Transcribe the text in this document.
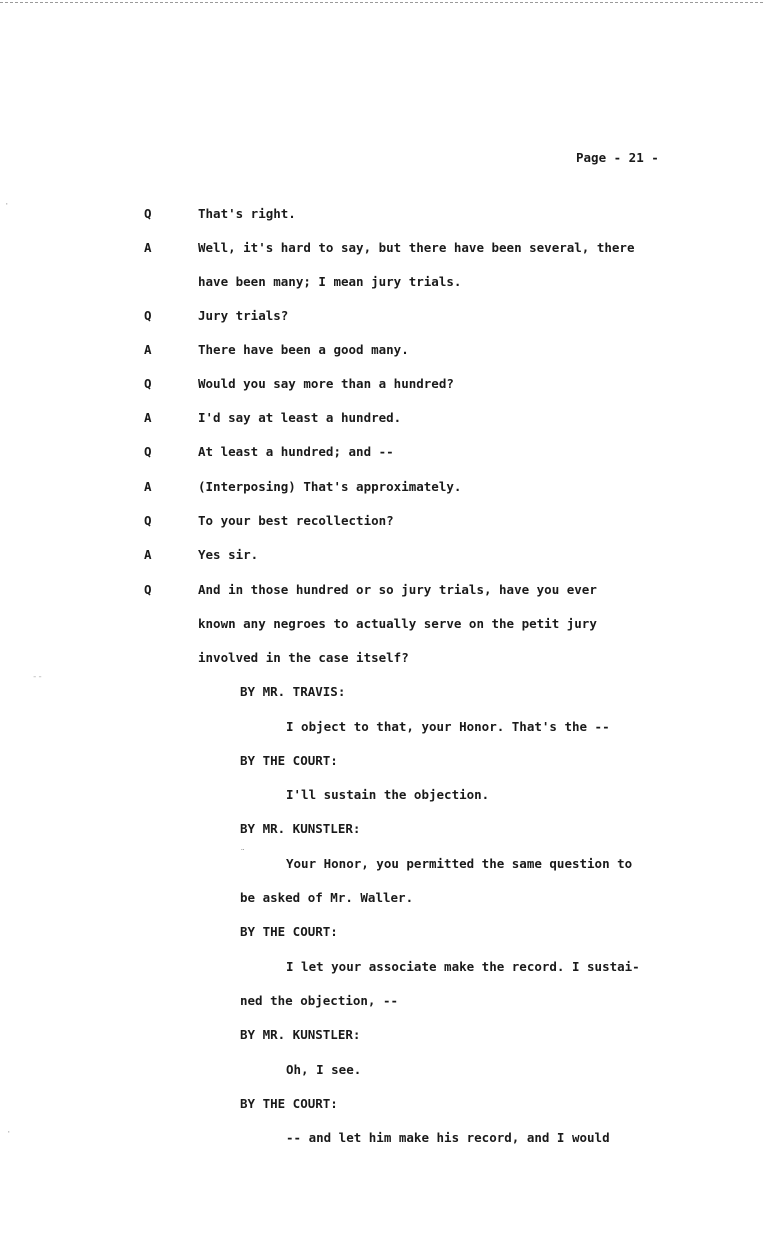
Page - 21 -
Q	That's right.
A	Well, it's hard to say, but there have been several, there
have been many; I mean jury trials.
Q	Jury trials?
A	There have been a good many.
Q	Would you say more than a hundred?
A	I'd say at least a hundred.
Q	At least a hundred; and --
A	(Interposing) That's approximately.
Q	To your best recollection?
A	Yes sir.
Q	And in those hundred or so jury trials, have you ever
known any negroes to actually serve on the petit jury
involved in the case itself?
BY MR. TRAVIS:
I object to that, your Honor. That's the --
BY THE COURT:
I'll sustain the objection.
BY MR. KUNSTLER:
Your Honor, you permitted the same question to
be asked of Mr. Waller.
BY THE COURT:
I let your associate make the record. I sustai-
ned the objection, --
BY MR. KUNSTLER:
Oh, I see.
BY THE COURT:
-- and let him make his record, and I would
¨
·
‐‐
·
